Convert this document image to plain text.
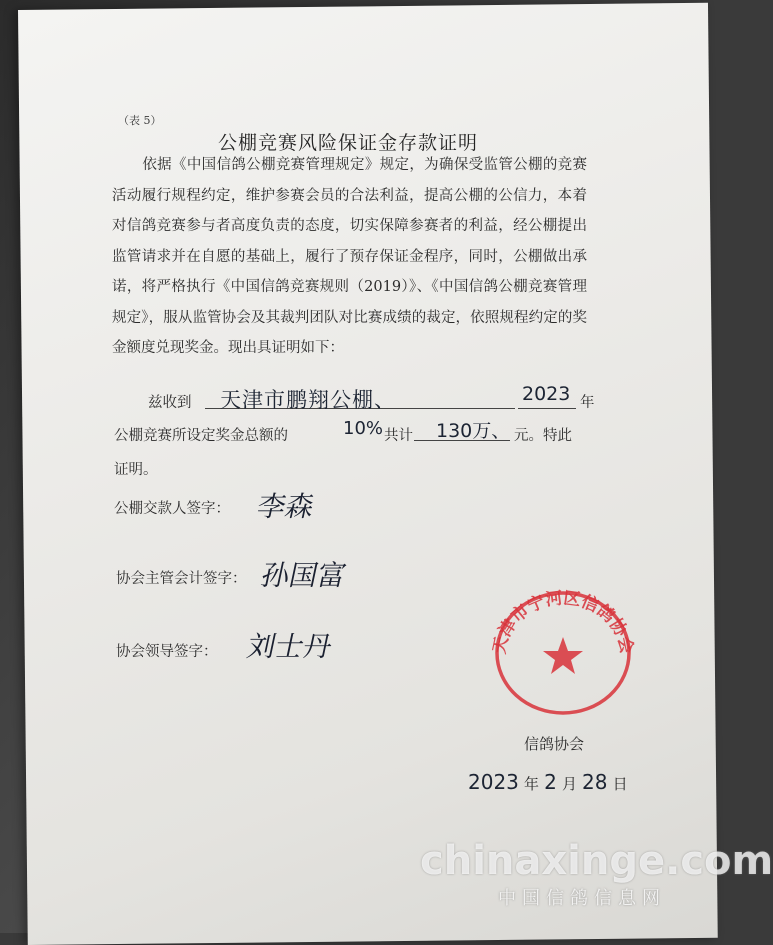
（表 5）
公棚竞赛风险保证金存款证明
依据《中国信鸽公棚竞赛管理规定》规定，为确保受监管公棚的竞赛活动履行规程约定，维护参赛会员的合法利益，提高公棚的公信力，本着对信鸽竞赛参与者高度负责的态度，切实保障参赛者的利益，经公棚提出监管请求并在自愿的基础上，履行了预存保证金程序，同时，公棚做出承诺，将严格执行《中国信鸽竞赛规则（2019）》、《中国信鸽公棚竞赛管理规定》，服从监管协会及其裁判团队对比赛成绩的裁定，依照规程约定的奖金额度兑现奖金。现出具证明如下：
兹收到 天津市鹏翔公棚、	2023 年
公棚竞赛所设定奖金总额的	10% 共计 130万、 元。特此
证明。
公棚交款人签字： 李森
协会主管会计签字： 孙国富
协会领导签字： 刘士丹	天津市宁河区信鸽协会
信鸽协会
2023 年 2 月 28 日
chinaxinge.com
中国信鸽信息网
